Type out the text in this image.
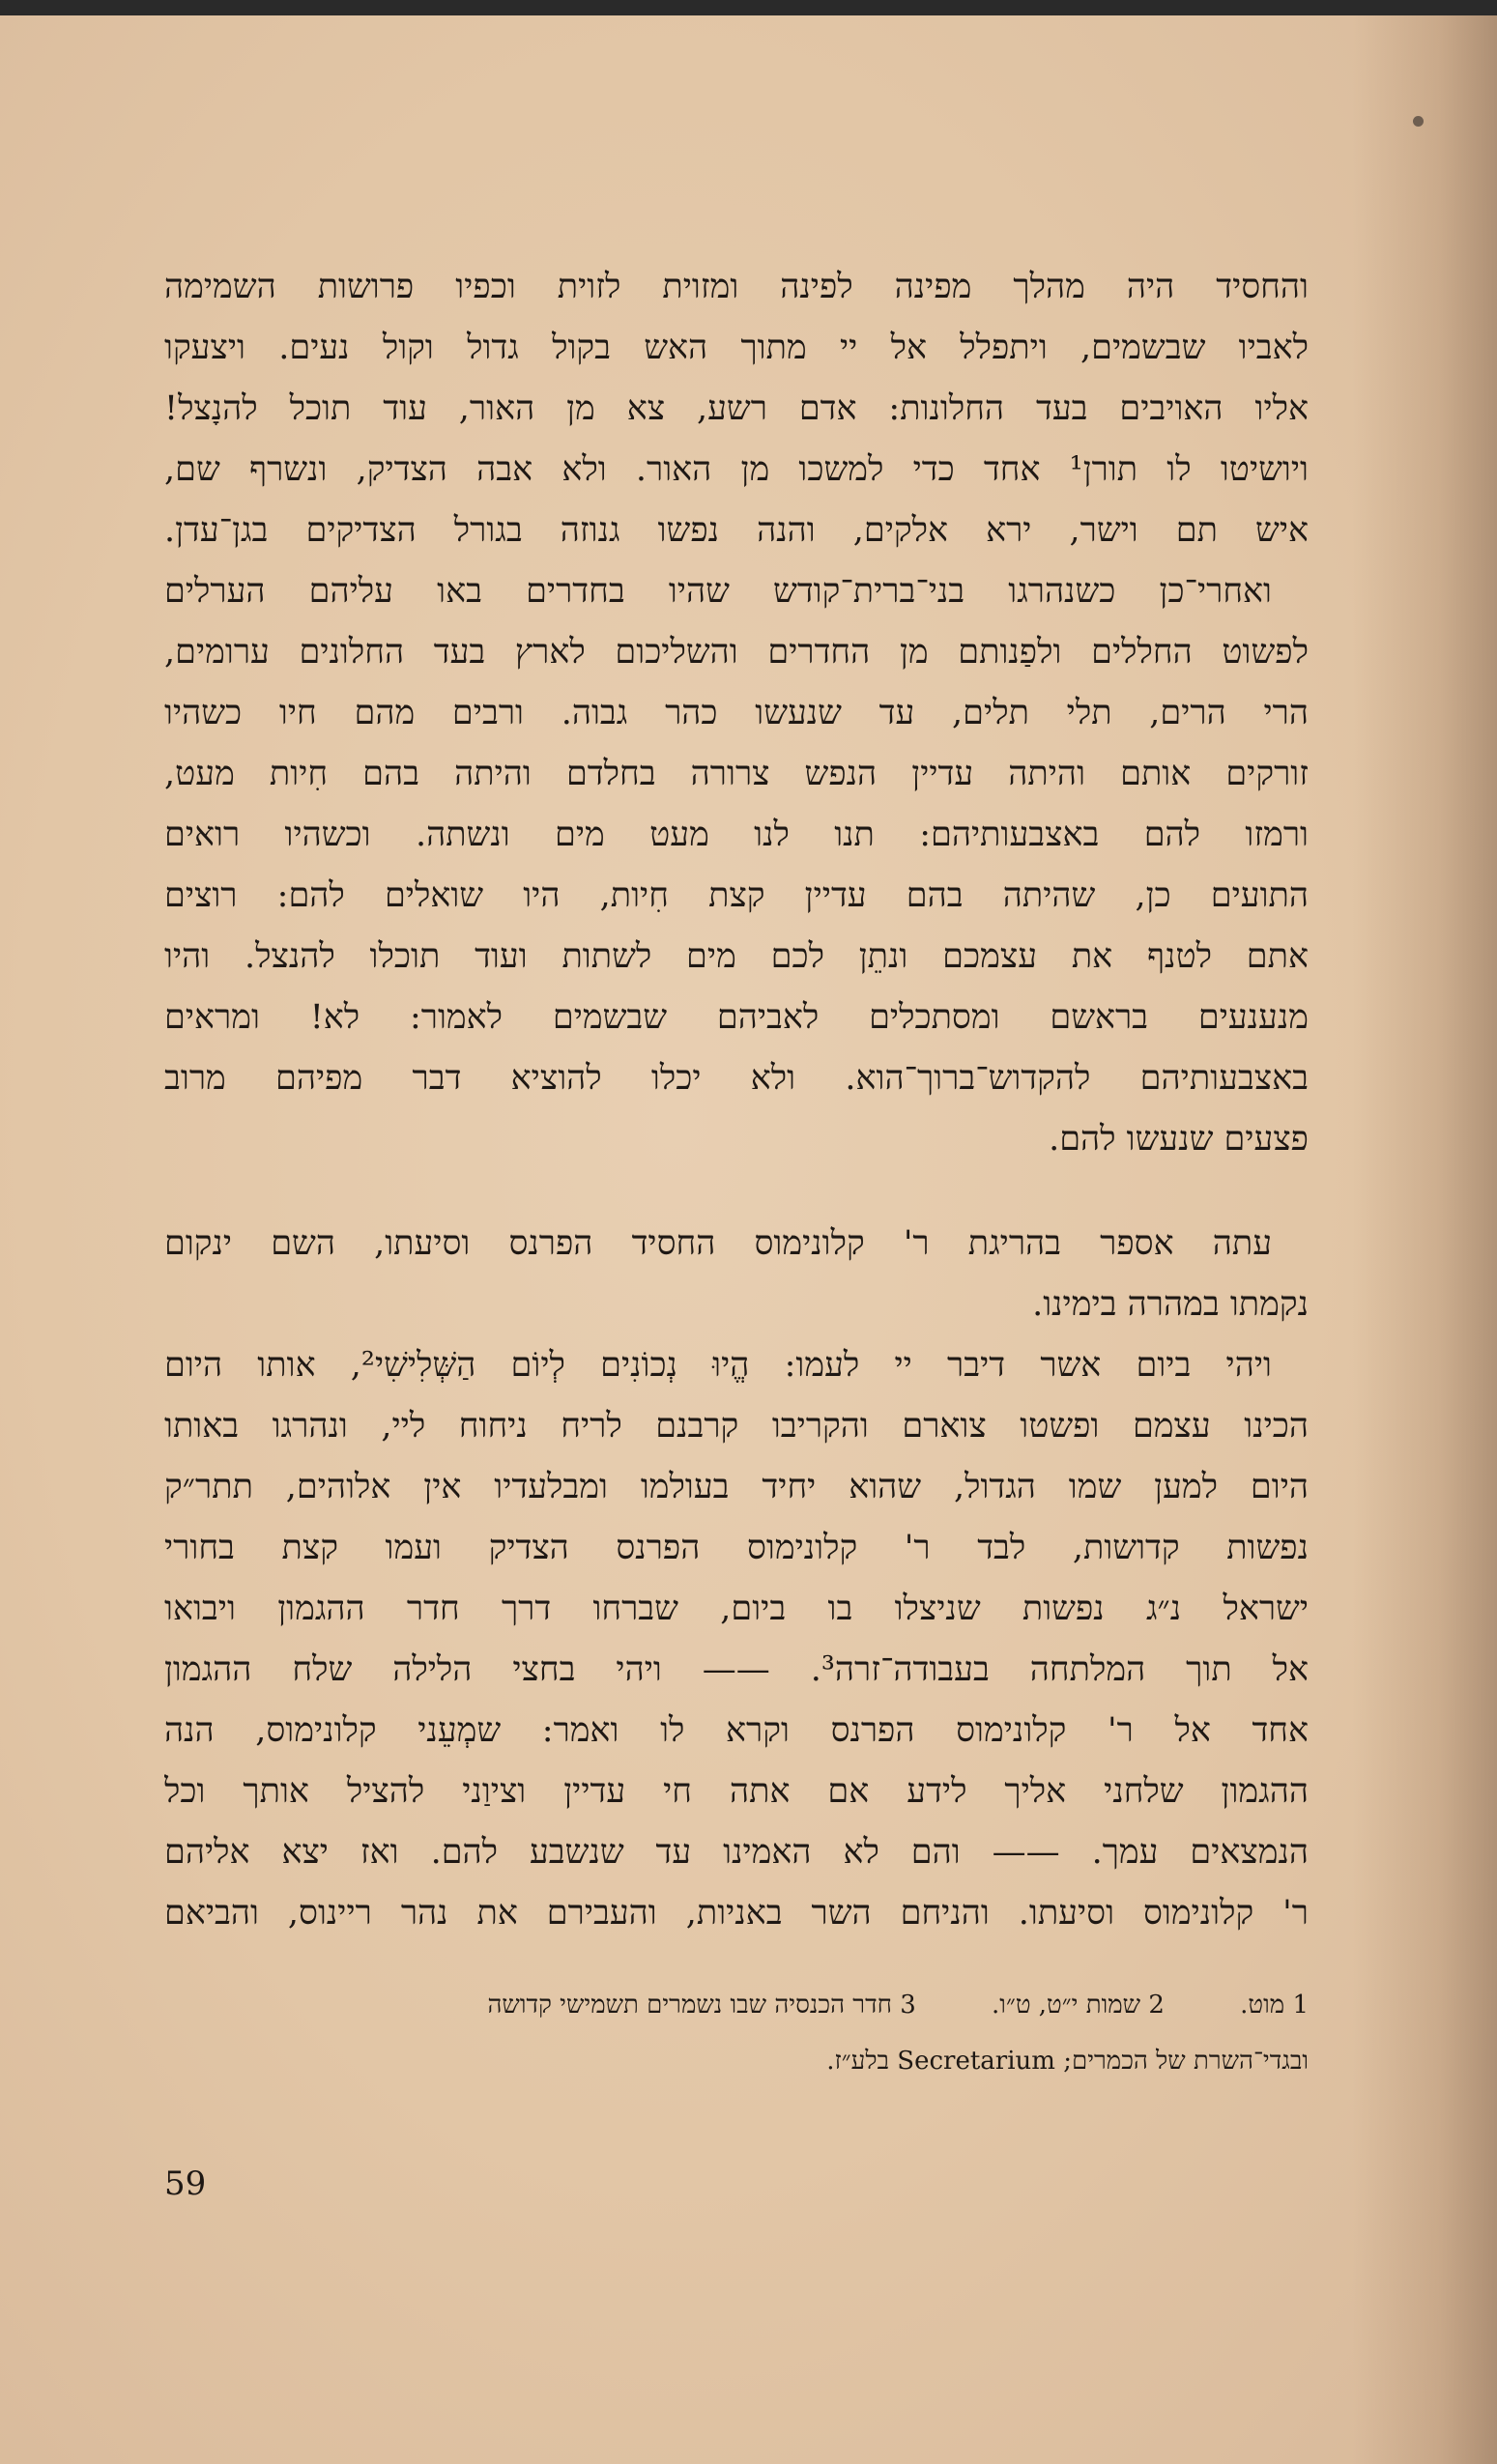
והחסיד היה מהלך מפינה לפינה ומזוית לזוית וכפיו פרושות השמימה
לאביו שבשמים, ויתפלל אל יי מתוך האש בקול גדול וקול נעים. ויצעקו
אליו האויבים בעד החלונות: אדם רשע, צא מן האור, עוד תוכל להנָצל!
ויושיטו לו תורן¹ אחד כדי למשכו מן האור. ולא אבה הצדיק, ונשרף שם,
איש תם וישר, ירא אלקים, והנה נפשו גנוזה בגורל הצדיקים בגן־עדן.
ואחרי־כן כשנהרגו בני־ברית־קודש שהיו בחדרים באו עליהם הערלים
לפשוט החללים ולפַנותם מן החדרים והשליכום לארץ בעד החלונים ערומים,
הרי הרים, תלי תלים, עד שנעשו כהר גבוה. ורבים מהם חיו כשהיו
זורקים אותם והיתה עדיין הנפש צרורה בחלדם והיתה בהם חִיות מעט,
ורמזו להם באצבעותיהם: תנו לנו מעט מים ונשתה. וכשהיו רואים
התועים כן, שהיתה בהם עדיין קצת חִיות, היו שואלים להם: רוצים
אתם לטנף את עצמכם ונתֵן לכם מים לשתות ועוד תוכלו להנצל. והיו
מנענעים בראשם ומסתכלים לאביהם שבשמים לאמור: לא! ומראים
באצבעותיהם להקדוש־ברוך־הוא. ולא יכלו להוציא דבר מפיהם מרוב
פצעים שנעשו להם.
עתה אספר בהריגת ר' קלונימוס החסיד הפרנס וסיעתו, השם ינקום
נקמתו במהרה בימינו.
ויהי ביום אשר דיבר יי לעמו: הֱיוּ נְכוֹנִים לְיוֹם הַשְּׁלִישִׁי², אותו היום
הכינו עצמם ופשטו צוארם והקריבו קרבנם לריח ניחוח ליי, ונהרגו באותו
היום למען שמו הגדול, שהוא יחיד בעולמו ומבלעדיו אין אלוהים, תתר״ק
נפשות קדושות, לבד ר' קלונימוס הפרנס הצדיק ועמו קצת בחורי
ישראל נ״ג נפשות שניצלו בו ביום, שברחו דרך חדר ההגמון ויבואו
אל תוך המלתחה בעבודה־זרה³. —— ויהי בחצי הלילה שלח ההגמון
אחד אל ר' קלונימוס הפרנס וקרא לו ואמר: שמְעֵני קלונימוס, הנה
ההגמון שלחני אליך לידע אם אתה חי עדיין וציוַני להציל אותך וכל
הנמצאים עמך. —— והם לא האמינו עד שנשבע להם. ואז יצא אליהם
ר' קלונימוס וסיעתו. והניחם השר באניות, והעבירם את נהר ריינוס, והביאם
1 מוט. 2 שמות י״ט, ט״ו. 3 חדר הכנסיה שבו נשמרים תשמישי קדושה
ובגדי־השרת של הכמרים; Secretarium בלע״ז.
59
